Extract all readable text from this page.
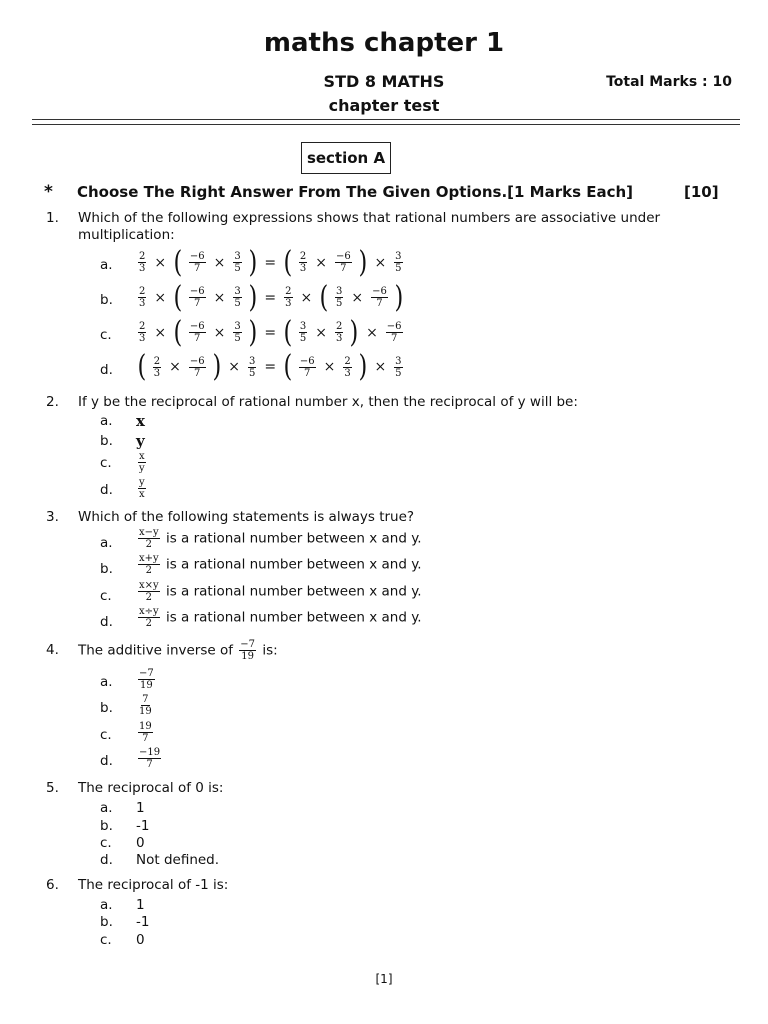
maths chapter 1
STD 8 MATHS
chapter test
Total Marks : 10
section A
* Choose The Right Answer From The Given Options.[1 Marks Each]	[10]
1. Which of the following expressions shows that rational numbers are associative under multiplication:
a.	$\frac{2}{3}$ × ( $\frac{-6}{7} \times \frac{3}{5}$ ) = ( $\frac{2}{3} \times \frac{-6}{7}$ ) × $\frac{3}{5}$
b.	$\frac{2}{3}$ × ( $\frac{-6}{7} \times \frac{3}{5}$ ) = $\frac{2}{3}$ × ( $\frac{3}{5} \times \frac{-6}{7}$ )
c.	$\frac{2}{3}$ × ( $\frac{-6}{7} \times \frac{3}{5}$ ) = ( $\frac{3}{5} \times \frac{2}{3}$ ) × $\frac{-6}{7}$
d. ( $\frac{2}{3} \times \frac{-6}{7}$ ) × $\frac{3}{5}$ = ( $\frac{-6}{7} \times \frac{2}{3}$ ) × $\frac{3}{5}$
2. If y be the reciprocal of rational number x, then the reciprocal of y will be:
a. x
b. y
c.	$\frac{x}{y}$
d.	$\frac{y}{x}$
3. Which of the following statements is always true?
a.	$\frac{x-y}{2}$ is a rational number between x and y.
b.	$\frac{x+y}{2}$ is a rational number between x and y.
c.	$\frac{x\times y}{2}$ is a rational number between x and y.
d.	$\frac{x\div y}{2}$ is a rational number between x and y.
4. The additive inverse of $\frac{-7}{19}$ is:
a.	$\frac{-7}{19}$
b.	$\frac{7}{19}$
c.	$\frac{19}{7}$
d.	$\frac{-19}{7}$
5. The reciprocal of 0 is:
a. 1
b. -1
c. 0
d. Not defined.
6. The reciprocal of -1 is:
a. 1
b. -1
c. 0
[1]
